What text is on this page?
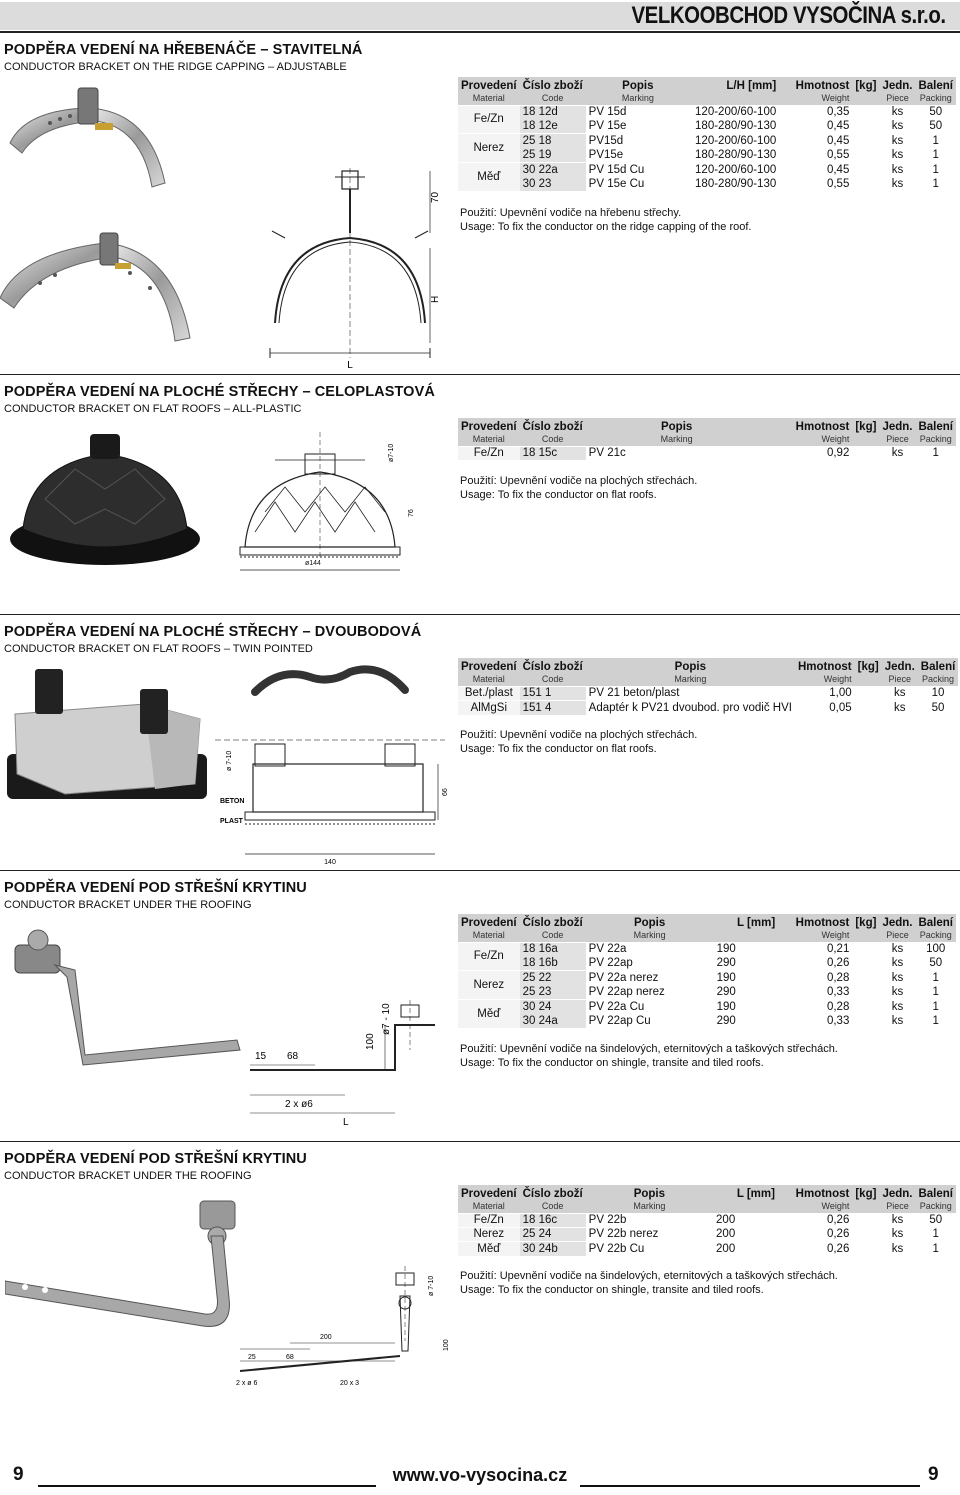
VELKOOBCHOD VYSOČINA s.r.o.
PODPĚRA VEDENÍ NA HŘEBENÁČE – STAVITELNÁ
CONDUCTOR BRACKET ON THE RIDGE CAPPING – ADJUSTABLE
L
70
H
Provedení	Číslo zboží	Popis	L/H [mm]	Hmotnost	[kg]	Jedn.	Balení
Material	Code	Marking		Weight		Piece	Packing
Fe/Zn	18 12d	PV 15d	120-200/60-100	0,35		ks	50
	18 12e	PV 15e	180-280/90-130	0,45		ks	50
Nerez	25 18	PV15d	120-200/60-100	0,45		ks	1
	25 19	PV15e	180-280/90-130	0,55		ks	1
Měď	30 22a	PV 15d Cu	120-200/60-100	0,45		ks	1
	30 23	PV 15e Cu	180-280/90-130	0,55		ks	1
Použití: Upevnění vodiče na hřebenu střechy.
Usage: To fix the conductor on the ridge capping of the roof.
PODPĚRA VEDENÍ NA PLOCHÉ STŘECHY – CELOPLASTOVÁ
CONDUCTOR BRACKET ON FLAT ROOFS – ALL-PLASTIC
ø7-10
76
ø144
Provedení	Číslo zboží	Popis	Hmotnost	[kg]	Jedn.	Balení
Material	Code	Marking	Weight		Piece	Packing
Fe/Zn	18 15c	PV 21c	0,92		ks	1
Použití: Upevnění vodiče na plochých střechách.
Usage: To fix the conductor on flat roofs.
PODPĚRA VEDENÍ NA PLOCHÉ STŘECHY – DVOUBODOVÁ
CONDUCTOR BRACKET ON FLAT ROOFS – TWIN POINTED
ø 7-10
BETON
PLAST
66
140
Provedení	Číslo zboží	Popis	Hmotnost	[kg]	Jedn.	Balení
Material	Code	Marking	Weight		Piece	Packing
Bet./plast	151 1	PV 21 beton/plast	1,00		ks	10
AlMgSi	151 4	Adaptér k PV21 dvoubod. pro vodič HVI	0,05		ks	50
Použití: Upevnění vodiče na plochých střechách.
Usage: To fix the conductor on flat roofs.
PODPĚRA VEDENÍ POD STŘEŠNÍ KRYTINU
CONDUCTOR BRACKET UNDER THE ROOFING
15 68
100
ø7 - 10
2 x ø6
L
Provedení	Číslo zboží	Popis	L [mm]	Hmotnost	[kg]	Jedn.	Balení
Material	Code	Marking		Weight		Piece	Packing
Fe/Zn	18 16a	PV 22a	190	0,21		ks	100
	18 16b	PV 22ap	290	0,26		ks	50
Nerez	25 22	PV 22a nerez	190	0,28		ks	1
	25 23	PV 22ap nerez	290	0,33		ks	1
Měď	30 24	PV 22a Cu	190	0,28		ks	1
	30 24a	PV 22ap Cu	290	0,33		ks	1
Použití: Upevnění vodiče na šindelových, eternitových a taškových střechách.
Usage: To fix the conductor on shingle, transite and tiled roofs.
PODPĚRA VEDENÍ POD STŘEŠNÍ KRYTINU
CONDUCTOR BRACKET UNDER THE ROOFING
ø 7-10
100
25	68
200
2 x ø 6	20 x 3
Provedení	Číslo zboží	Popis	L [mm]	Hmotnost	[kg]	Jedn.	Balení
Material	Code	Marking		Weight		Piece	Packing
Fe/Zn	18 16c	PV 22b	200	0,26		ks	50
Nerez	25 24	PV 22b nerez	200	0,26		ks	1
Měď	30 24b	PV 22b Cu	200	0,26		ks	1
Použití: Upevnění vodiče na šindelových, eternitových a taškových střechách.
Usage: To fix the conductor on shingle, transite and tiled roofs.
9	www.vo-vysocina.cz	9
